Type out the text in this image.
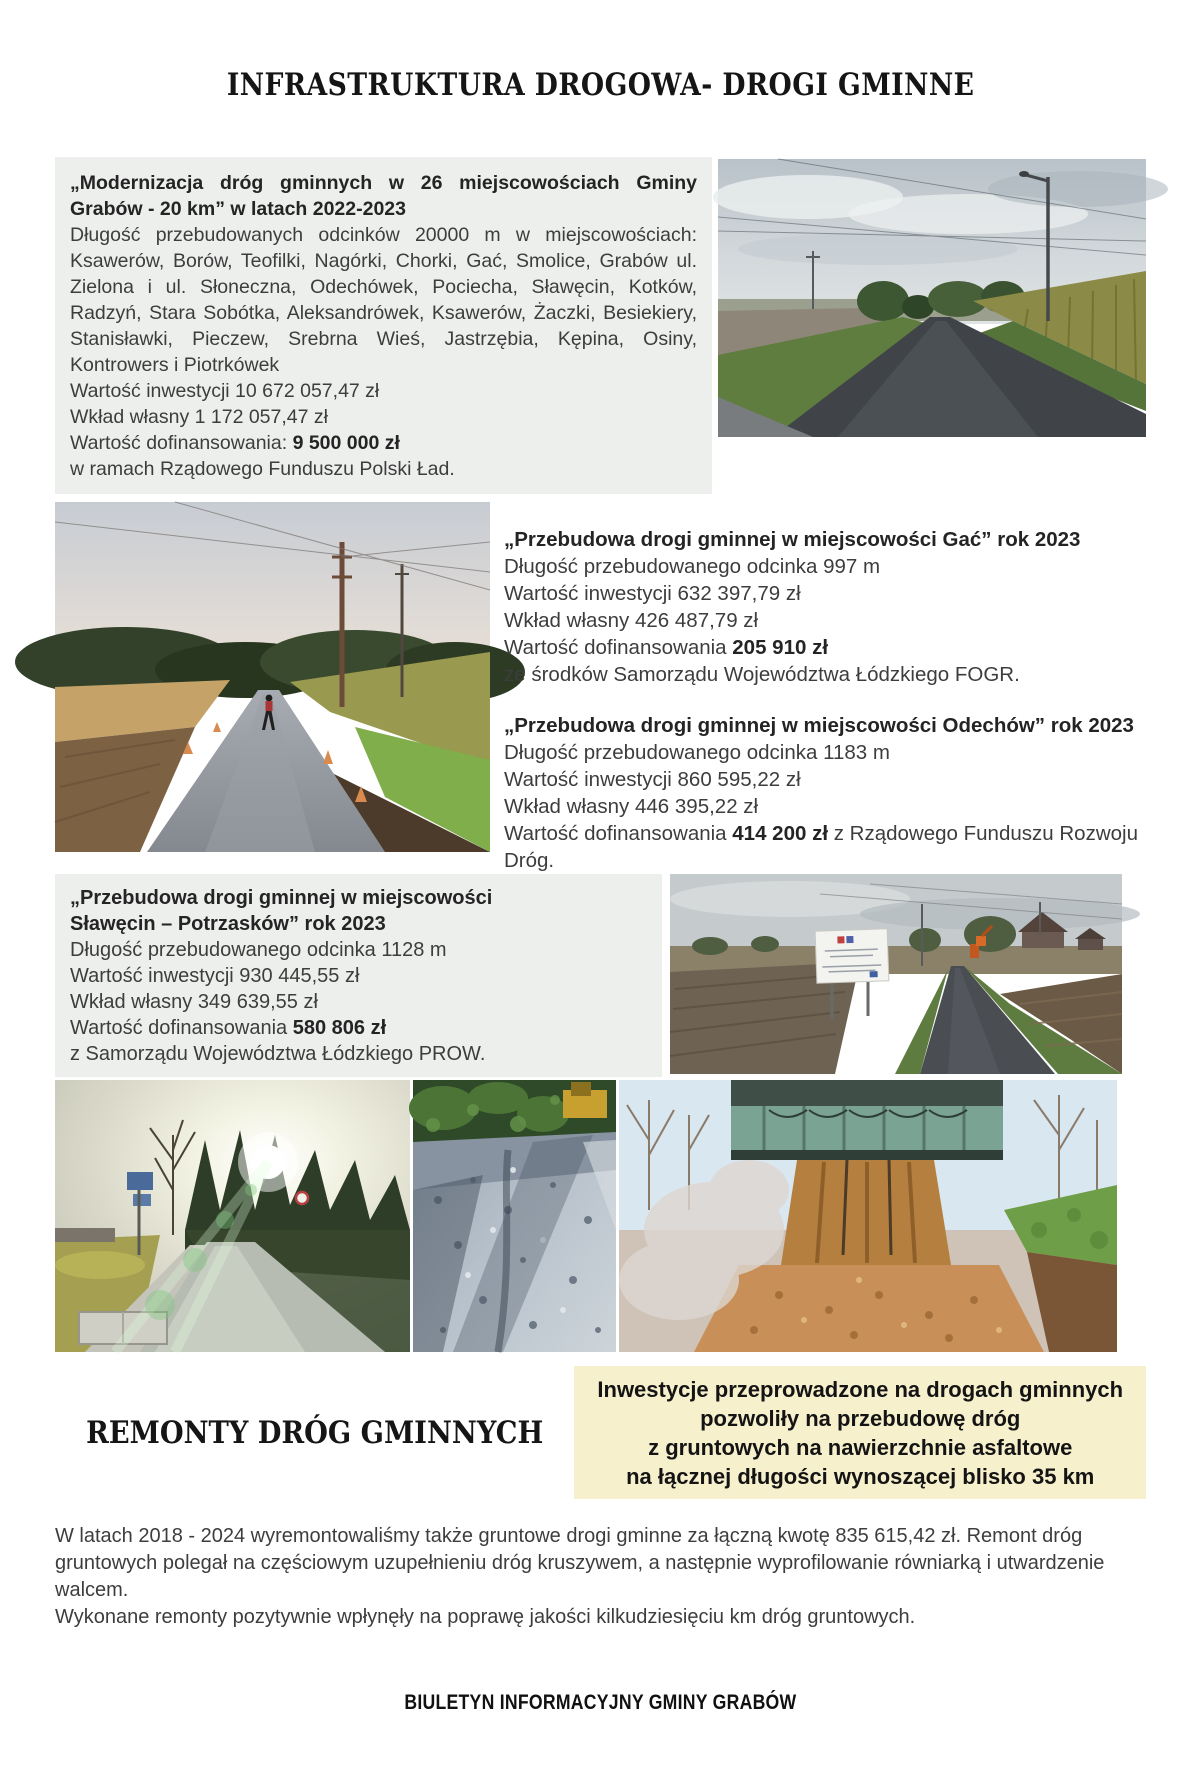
INFRASTRUKTURA DROGOWA- DROGI GMINNE

„Modernizacja dróg gminnych w 26 miejscowościach Gminy Grabów - 20 km” w latach 2022-2023

Długość przebudowanych odcinków 20000 m w miejscowościach: Ksawerów, Borów, Teofilki, Nagórki, Chorki, Gać, Smolice, Grabów ul. Zielona i ul. Słoneczna, Odechówek, Pociecha, Sławęcin, Kotków, Radzyń, Stara Sobótka, Aleksandrówek, Ksawerów, Żaczki, Besiekiery, Stanisławki, Pieczew, Srebrna Wieś, Jastrzębia, Kępina, Osiny, Kontrowers i Piotrkówek

Wartość inwestycji 10 672 057,47 zł

Wkład własny 1 172 057,47 zł

Wartość dofinansowania: 9 500 000 zł

w ramach Rządowego Funduszu Polski Ład.

„Przebudowa drogi gminnej w miejscowości Gać” rok 2023

Długość przebudowanego odcinka 997 m

Wartość inwestycji 632 397,79 zł

Wkład własny 426 487,79 zł

Wartość dofinansowania 205 910 zł

ze środków Samorządu Województwa Łódzkiego FOGR.

„Przebudowa drogi gminnej w miejscowości Odechów” rok 2023

Długość przebudowanego odcinka 1183 m

Wartość inwestycji 860 595,22 zł

Wkład własny 446 395,22 zł

Wartość dofinansowania 414 200 zł z Rządowego Funduszu Rozwoju Dróg.

„Przebudowa drogi gminnej w miejscowości Sławęcin – Potrzasków” rok 2023

Długość przebudowanego odcinka 1128 m

Wartość inwestycji 930 445,55 zł

Wkład własny 349 639,55 zł

Wartość dofinansowania 580 806 zł

z Samorządu Województwa Łódzkiego PROW.

REMONTY DRÓG GMINNYCH
Inwestycje przeprowadzone na drogach gminnych
pozwoliły na przebudowę dróg
z gruntowych na nawierzchnie asfaltowe
na łącznej długości wynoszącej blisko 35 km

W latach 2018 - 2024 wyremontowaliśmy także gruntowe drogi gminne za łączną kwotę 835 615,42 zł. Remont dróg gruntowych polegał na częściowym uzupełnieniu dróg kruszywem, a następnie wyprofilowanie równiarką i utwardzenie walcem.

Wykonane remonty pozytywnie wpłynęły na poprawę jakości kilkudziesięciu km dróg gruntowych.

BIULETYN INFORMACYJNY GMINY GRABÓW
